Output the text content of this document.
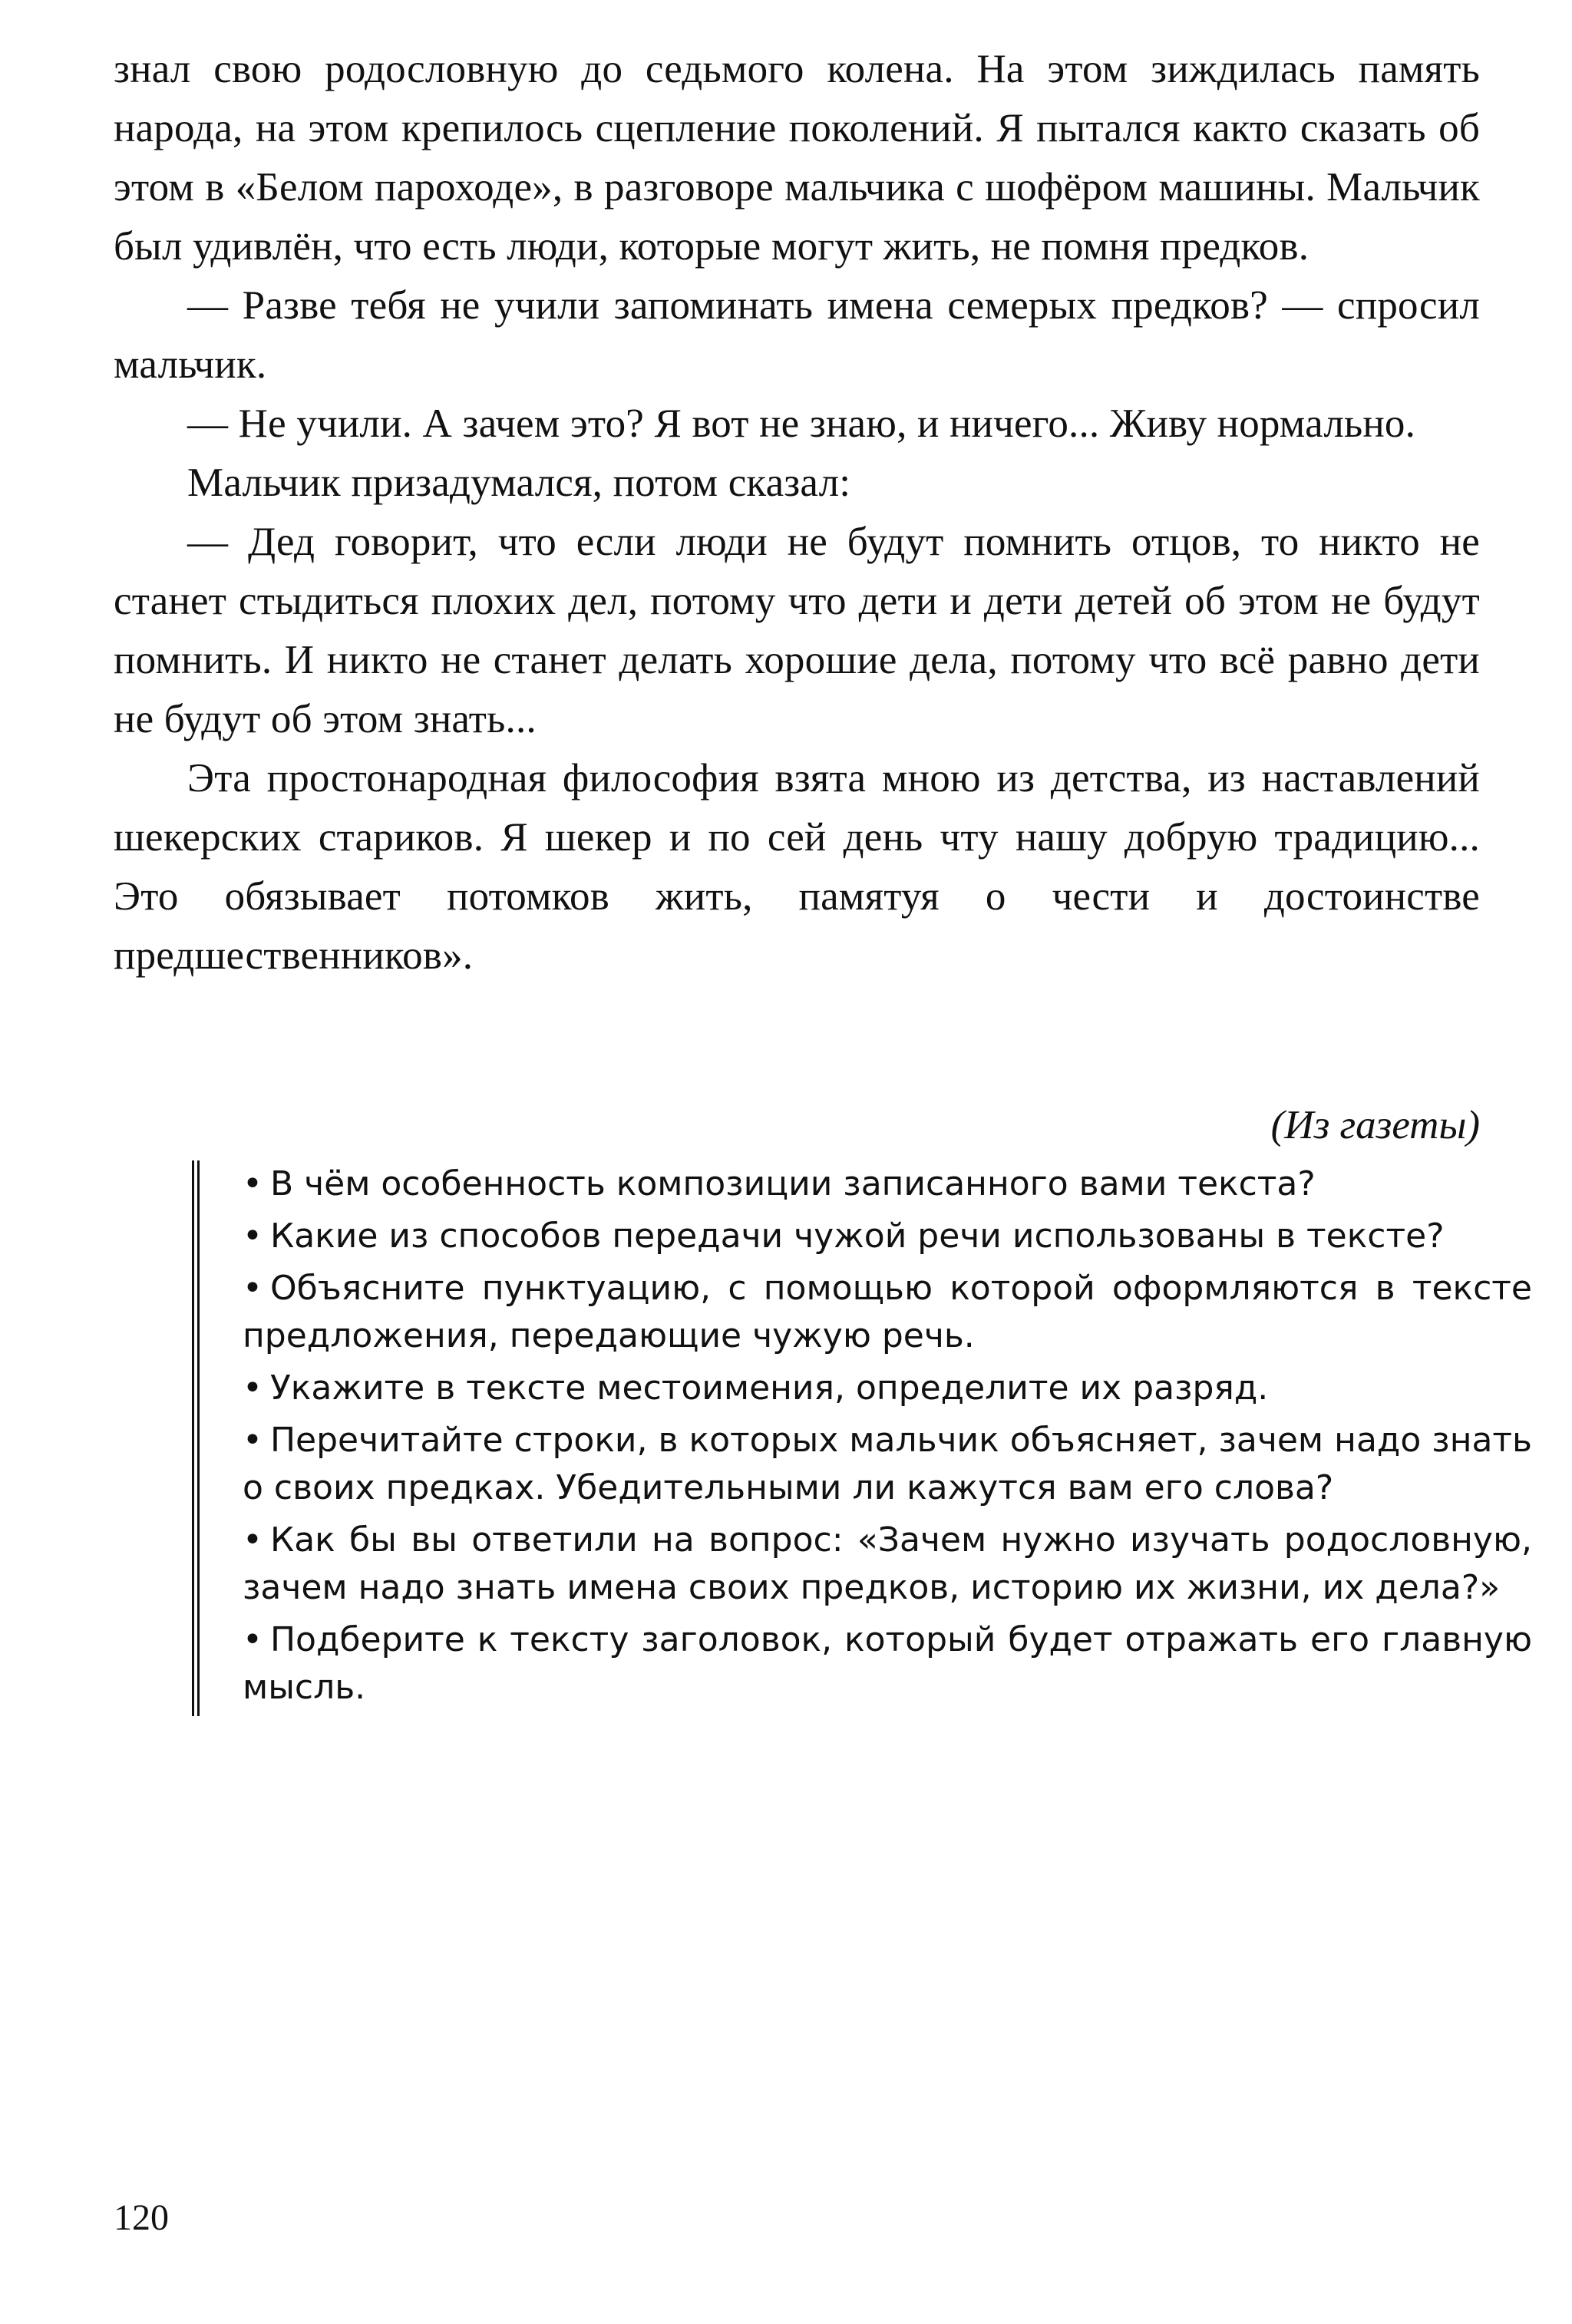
знал свою родословную до седьмого колена. На этом зиждилась память народа, на этом крепилось сцепление поколений. Я пытался както сказать об этом в «Белом пароходе», в разговоре мальчика с шофёром машины. Мальчик был удивлён, что есть люди, которые могут жить, не помня предков.

— Разве тебя не учили запоминать имена семерых предков? — спросил мальчик.

— Не учили. А зачем это? Я вот не знаю, и ничего... Живу нормально.

Мальчик призадумался, потом сказал:

— Дед говорит, что если люди не будут помнить отцов, то никто не станет стыдиться плохих дел, потому что дети и дети детей об этом не будут помнить. И никто не станет делать хорошие дела, потому что всё равно дети не будут об этом знать...

Эта простонародная философия взята мною из детства, из наставлений шекерских стариков. Я шекер и по сей день чту нашу добрую традицию... Это обязывает потомков жить, памятуя о чести и достоинстве предшественников».

(Из газеты)
• В чём особенность композиции записанного вами текста?
• Какие из способов передачи чужой речи использованы в тексте?
• Объясните пунктуацию, с помощью которой оформляются в тексте предложения, передающие чужую речь.
• Укажите в тексте местоимения, определите их разряд.
• Перечитайте строки, в которых мальчик объясняет, зачем надо знать о своих предках. Убедительными ли кажутся вам его слова?
• Как бы вы ответили на вопрос: «Зачем нужно изучать родословную, зачем надо знать имена своих предков, историю их жизни, их дела?»
• Подберите к тексту заголовок, который будет отражать его главную мысль.
120
